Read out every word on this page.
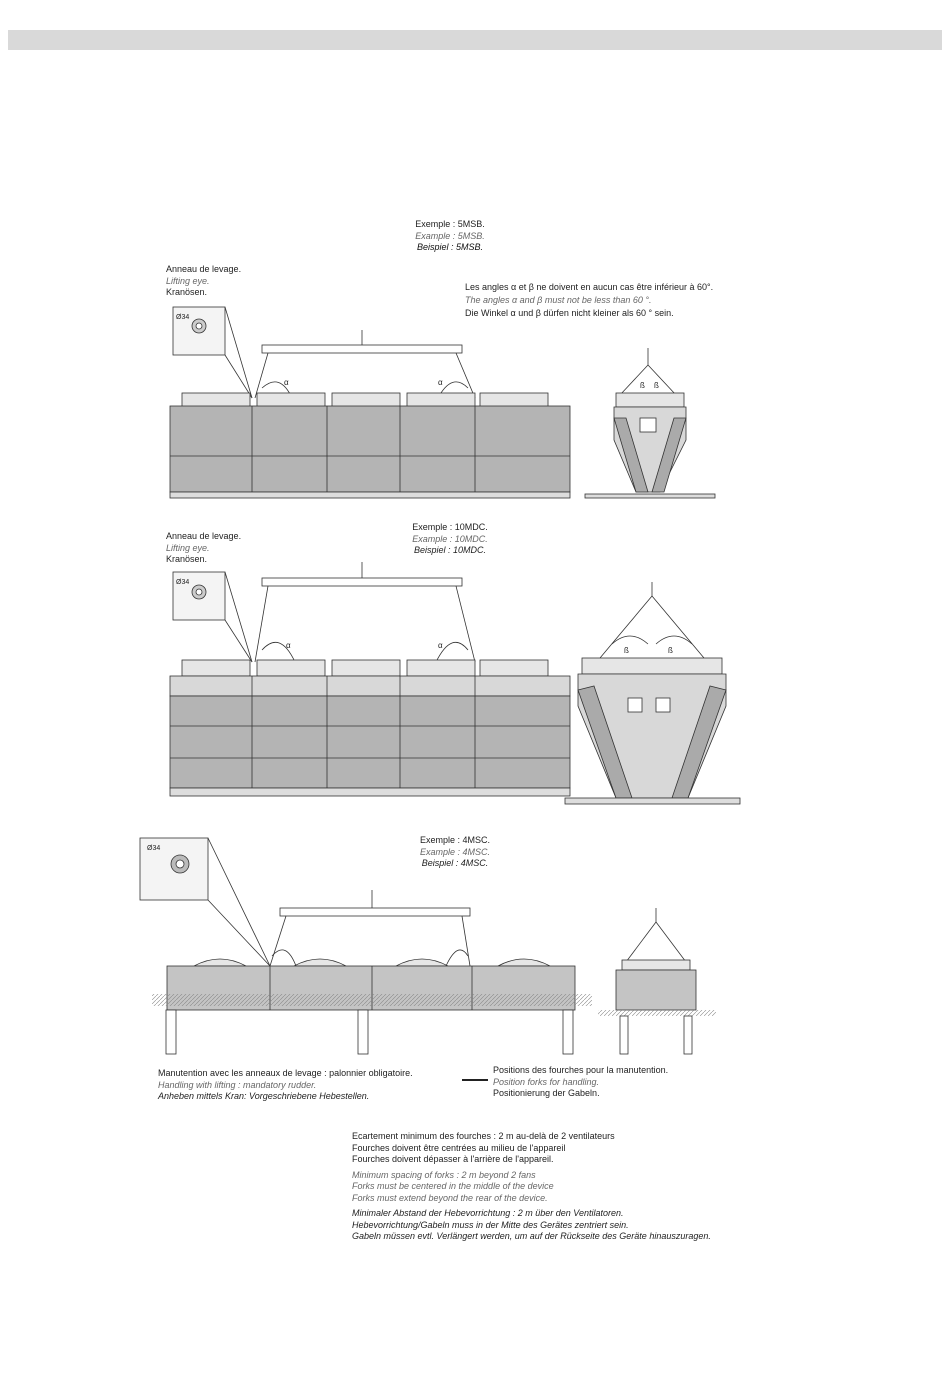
Exemple : 5MSB.
Example : 5MSB.
Beispiel : 5MSB.
Anneau de levage.
Lifting eye.
Kranösen.	Les angles α et β ne doivent en aucun cas être inférieur à 60°.
The angles α and β must not be less than 60 °.
Die Winkel α und β dürfen nicht kleiner als 60 ° sein.
Exemple : 10MDC.
Example : 10MDC.
Beispiel : 10MDC.
Anneau de levage.
Lifting eye.
Kranösen.
Exemple : 4MSC.
Example : 4MSC.
Beispiel : 4MSC.
Manutention avec les anneaux de levage : palonnier obligatoire.
Handling with lifting : mandatory rudder.
Anheben mittels Kran: Vorgeschriebene Hebestellen.
Positions des fourches pour la manutention.
Position forks for handling.
Positionierung der Gabeln.
Ecartement minimum des fourches : 2 m au-delà de 2 ventilateurs
Fourches doivent être centrées au milieu de l'appareil
Fourches doivent dépasser à l'arrière de l'appareil.
Minimum spacing of forks : 2 m beyond 2 fans
Forks must be centered in the middle of the device
Forks must extend beyond the rear of the device.
Minimaler Abstand der Hebevorrichtung : 2 m über den Ventilatoren.
Hebevorrichtung/Gabeln muss in der Mitte des Gerätes zentriert sein.
Gabeln müssen evtl. Verlängert werden, um auf der Rückseite des Geräte hinauszuragen.
Ø34
Ø34
Ø34
α	α	ß ß
α	α
ß	ß
